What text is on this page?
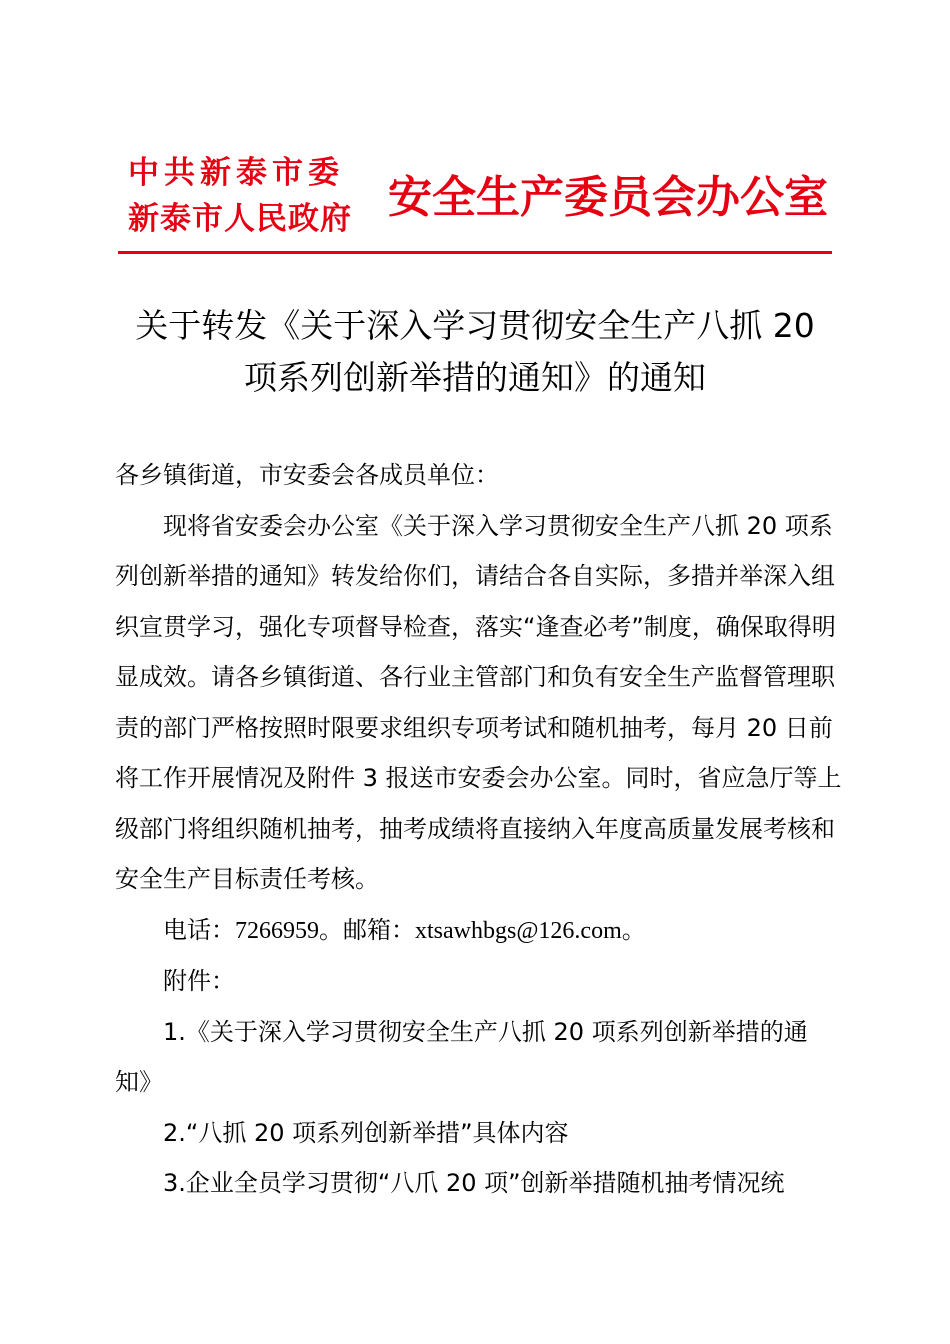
中共新泰市委
新泰市人民政府 安全生产委员会办公室
关于转发《关于深入学习贯彻安全生产八抓 20
项系列创新举措的通知》的通知

各乡镇街道，市安委会各成员单位：

现将省安委会办公室《关于深入学习贯彻安全生产八抓 20 项系列创新举措的通知》转发给你们，请结合各自实际，多措并举深入组织宣贯学习，强化专项督导检查，落实“逢查必考”制度，确保取得明显成效。请各乡镇街道、各行业主管部门和负有安全生产监督管理职责的部门严格按照时限要求组织专项考试和随机抽考，每月 20 日前将工作开展情况及附件 3 报送市安委会办公室。同时，省应急厅等上级部门将组织随机抽考，抽考成绩将直接纳入年度高质量发展考核和安全生产目标责任考核。

电话：7266959。邮箱：xtsawhbgs@126.com。

附件：

1.《关于深入学习贯彻安全生产八抓 20 项系列创新举措的通知》

2.“八抓 20 项系列创新举措”具体内容

3.企业全员学习贯彻“八爪 20 项”创新举措随机抽考情况统
